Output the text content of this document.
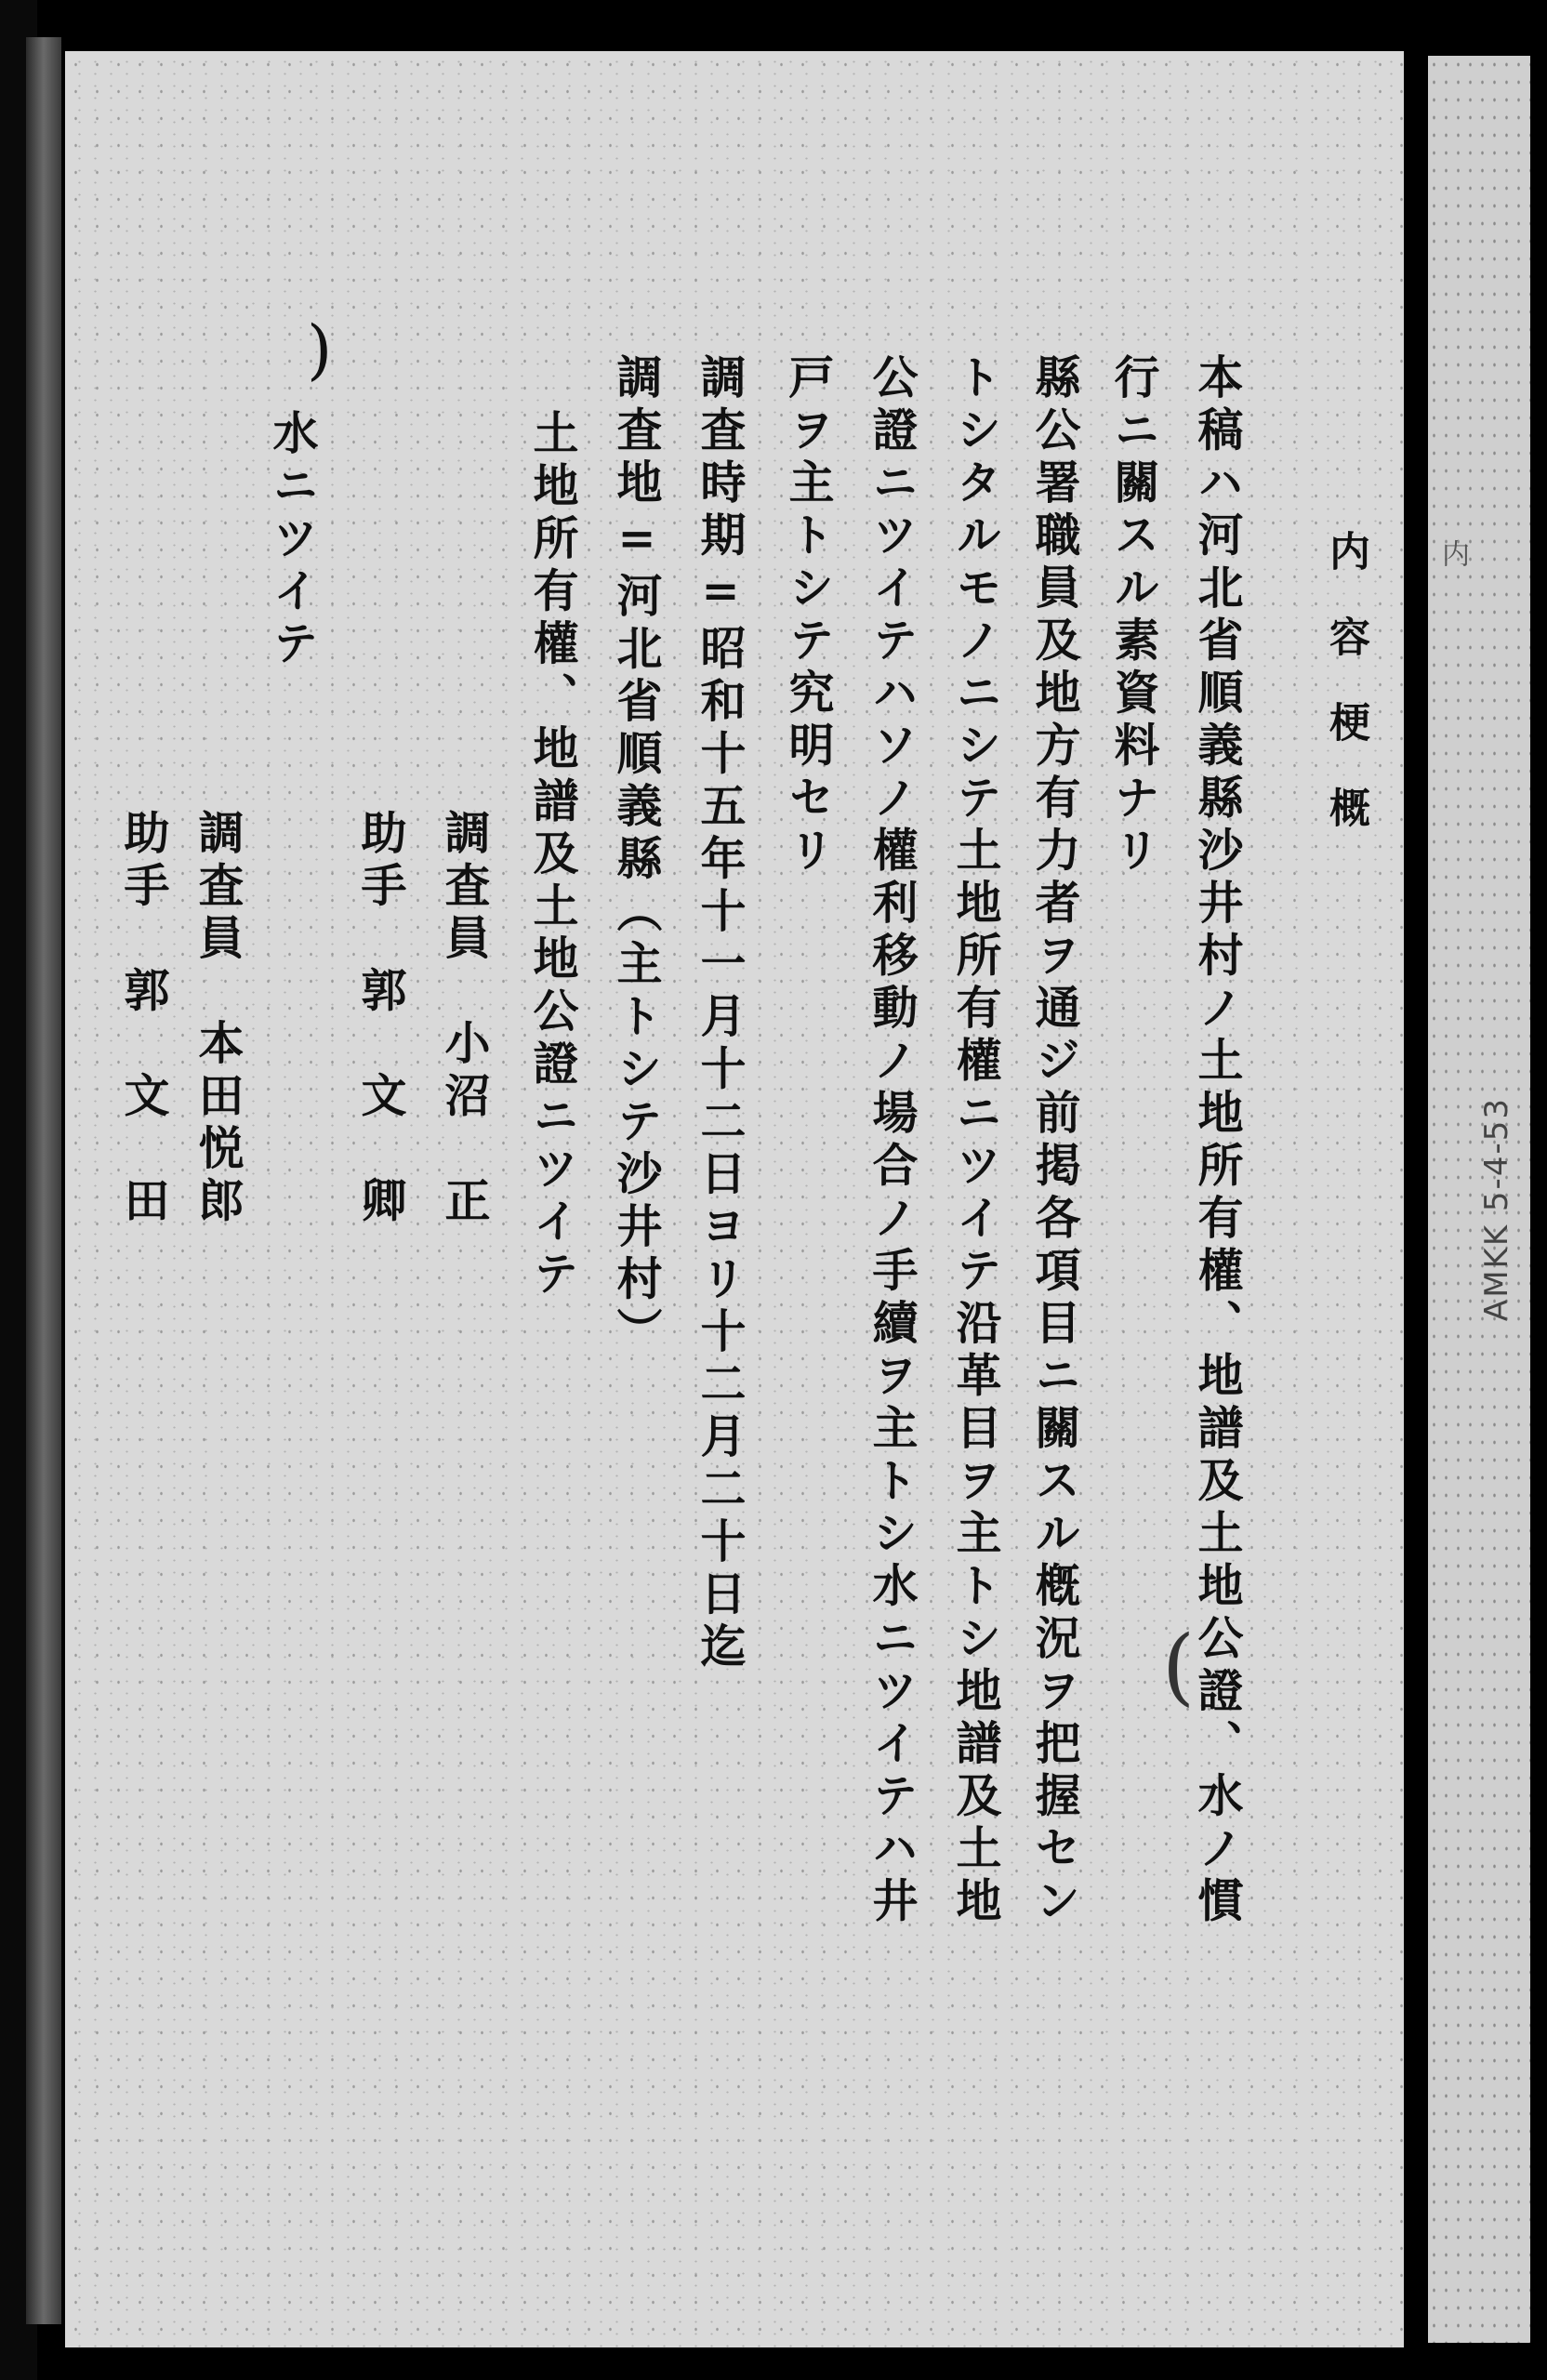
内
AMKK 5-4-53
内容梗概
本稿ハ河北省順義縣沙井村ノ土地所有權、地譜及土地公證、水ノ慣
行ニ關スル素資料ナリ
縣公署職員及地方有力者ヲ通ジ前掲各項目ニ關スル槪況ヲ把握セン
トシタルモノニシテ土地所有權ニツイテ沿革目ヲ主トシ地譜及土地
公證ニツイテハソノ權利移動ノ場合ノ手續ヲ主トシ水ニツイテハ井
戸ヲ主トシテ究明セリ
調査時期=昭和十五年十一月十二日ヨリ十二月二十日迄
調査地=河北省順義縣（主トシテ沙井村）
土地所有權、地譜及土地公證ニツイテ
調査員　小沼　正
助手　郭　文　卿
水ニツイテ
調査員　本田悦郎
助手　郭　文　田
)
(
